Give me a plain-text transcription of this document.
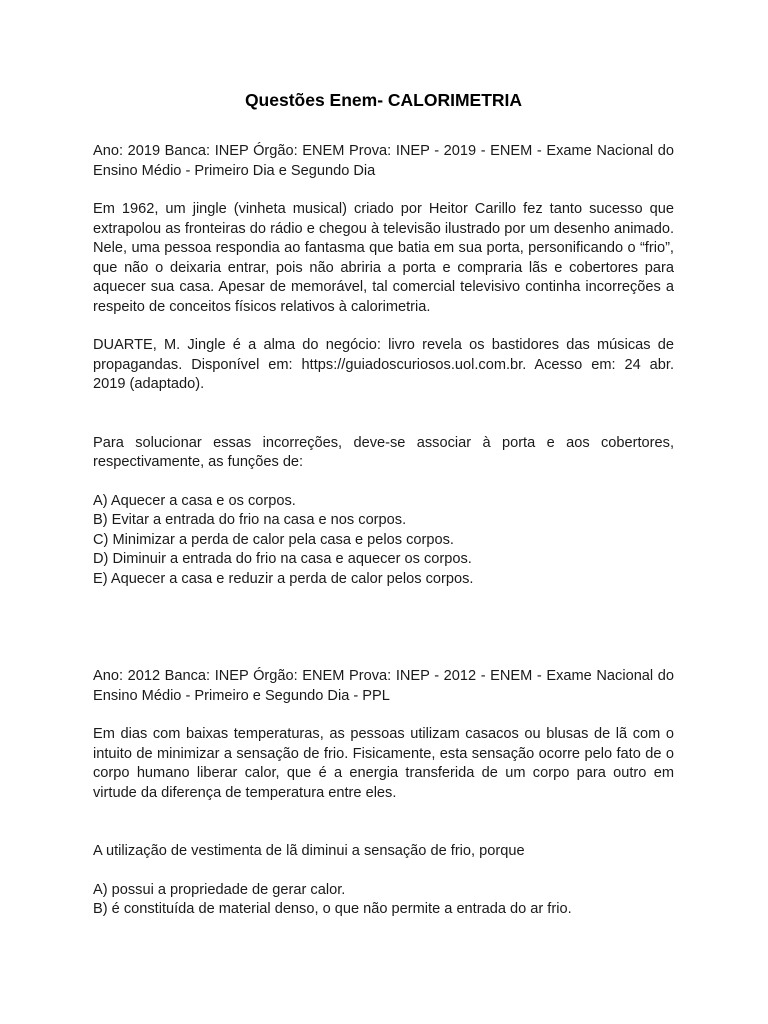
Questões Enem- CALORIMETRIA

Ano: 2019 Banca: INEP Órgão: ENEM Prova: INEP - 2019 - ENEM - Exame Nacional do Ensino Médio - Primeiro Dia e Segundo Dia

Em 1962, um jingle (vinheta musical) criado por Heitor Carillo fez tanto sucesso que extrapolou as fronteiras do rádio e chegou à televisão ilustrado por um desenho animado. Nele, uma pessoa respondia ao fantasma que batia em sua porta, personificando o “frio”, que não o deixaria entrar, pois não abriria a porta e compraria lãs e cobertores para aquecer sua casa. Apesar de memorável, tal comercial televisivo continha incorreções a respeito de conceitos físicos relativos à calorimetria.

DUARTE, M. Jingle é a alma do negócio: livro revela os bastidores das músicas de propagandas. Disponível em: https://guiadoscuriosos.uol.com.br. Acesso em: 24 abr. 2019 (adaptado).

Para solucionar essas incorreções, deve-se associar à porta e aos cobertores, respectivamente, as funções de:

A) Aquecer a casa e os corpos.
B) Evitar a entrada do frio na casa e nos corpos.
C) Minimizar a perda de calor pela casa e pelos corpos.
D) Diminuir a entrada do frio na casa e aquecer os corpos.
E) Aquecer a casa e reduzir a perda de calor pelos corpos.

Ano: 2012 Banca: INEP Órgão: ENEM Prova: INEP - 2012 - ENEM - Exame Nacional do Ensino Médio - Primeiro e Segundo Dia - PPL

Em dias com baixas temperaturas, as pessoas utilizam casacos ou blusas de lã com o intuito de minimizar a sensação de frio. Fisicamente, esta sensação ocorre pelo fato de o corpo humano liberar calor, que é a energia transferida de um corpo para outro em virtude da diferença de temperatura entre eles.

A utilização de vestimenta de lã diminui a sensação de frio, porque

A) possui a propriedade de gerar calor.
B) é constituída de material denso, o que não permite a entrada do ar frio.
